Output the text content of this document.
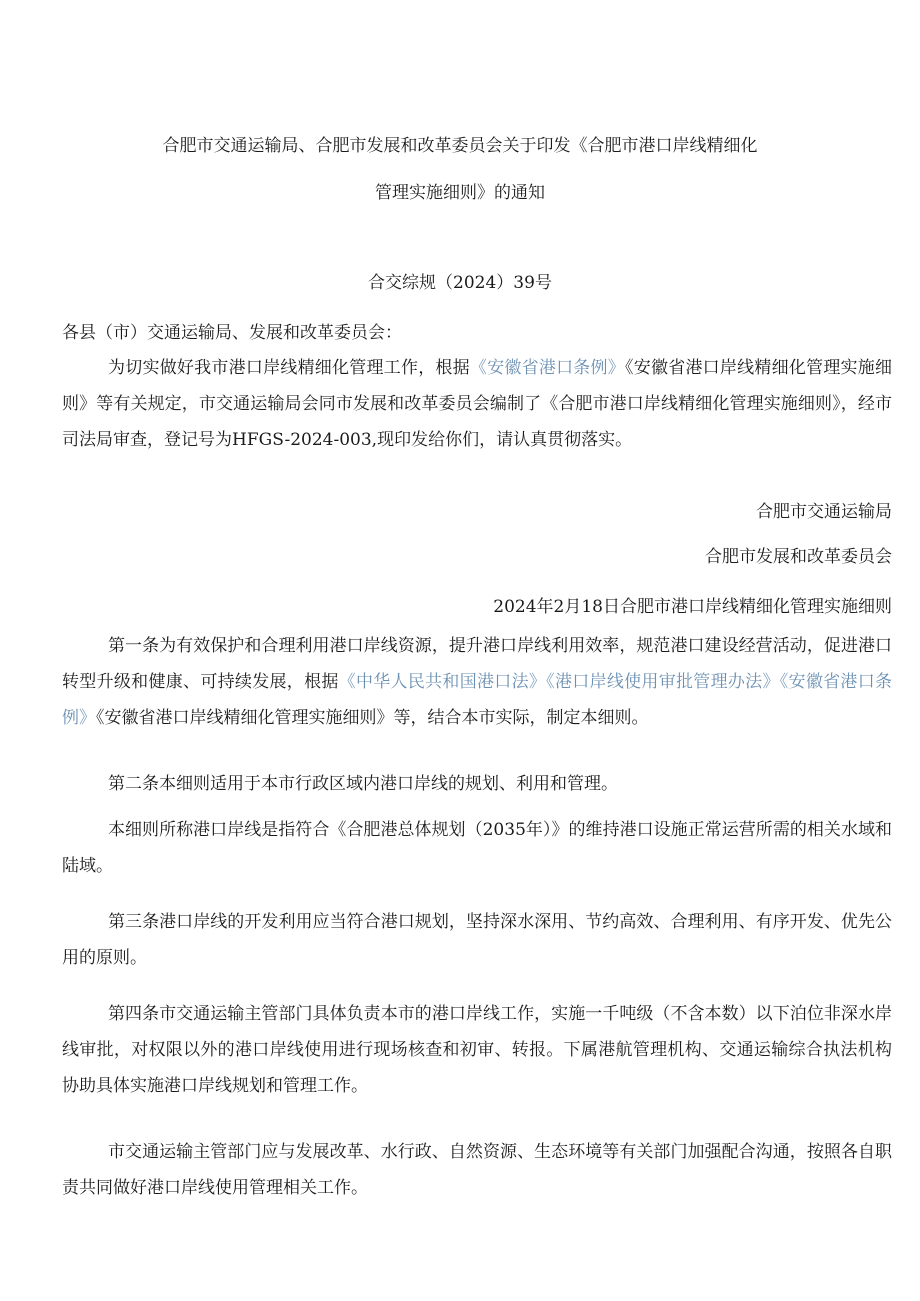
合肥市交通运输局、合肥市发展和改革委员会关于印发《合肥市港口岸线精细化
管理实施细则》的通知
合交综规（2024）39号
各县（市）交通运输局、发展和改革委员会：

为切实做好我市港口岸线精细化管理工作，根据《安徽省港口条例》《安徽省港口岸线精细化管理实施细则》等有关规定，市交通运输局会同市发展和改革委员会编制了《合肥市港口岸线精细化管理实施细则》，经市司法局审查，登记号为HFGS-2024-003,现印发给你们，请认真贯彻落实。

合肥市交通运输局
合肥市发展和改革委员会
2024年2月18日合肥市港口岸线精细化管理实施细则

第一条为有效保护和合理利用港口岸线资源，提升港口岸线利用效率，规范港口建设经营活动，促进港口转型升级和健康、可持续发展，根据《中华人民共和国港口法》《港口岸线使用审批管理办法》《安徽省港口条例》《安徽省港口岸线精细化管理实施细则》等，结合本市实际，制定本细则。

第二条本细则适用于本市行政区域内港口岸线的规划、利用和管理。

本细则所称港口岸线是指符合《合肥港总体规划（2035年）》的维持港口设施正常运营所需的相关水域和陆域。

第三条港口岸线的开发利用应当符合港口规划，坚持深水深用、节约高效、合理利用、有序开发、优先公用的原则。

第四条市交通运输主管部门具体负责本市的港口岸线工作，实施一千吨级（不含本数）以下泊位非深水岸线审批，对权限以外的港口岸线使用进行现场核查和初审、转报。下属港航管理机构、交通运输综合执法机构协助具体实施港口岸线规划和管理工作。

市交通运输主管部门应与发展改革、水行政、自然资源、生态环境等有关部门加强配合沟通，按照各自职责共同做好港口岸线使用管理相关工作。
